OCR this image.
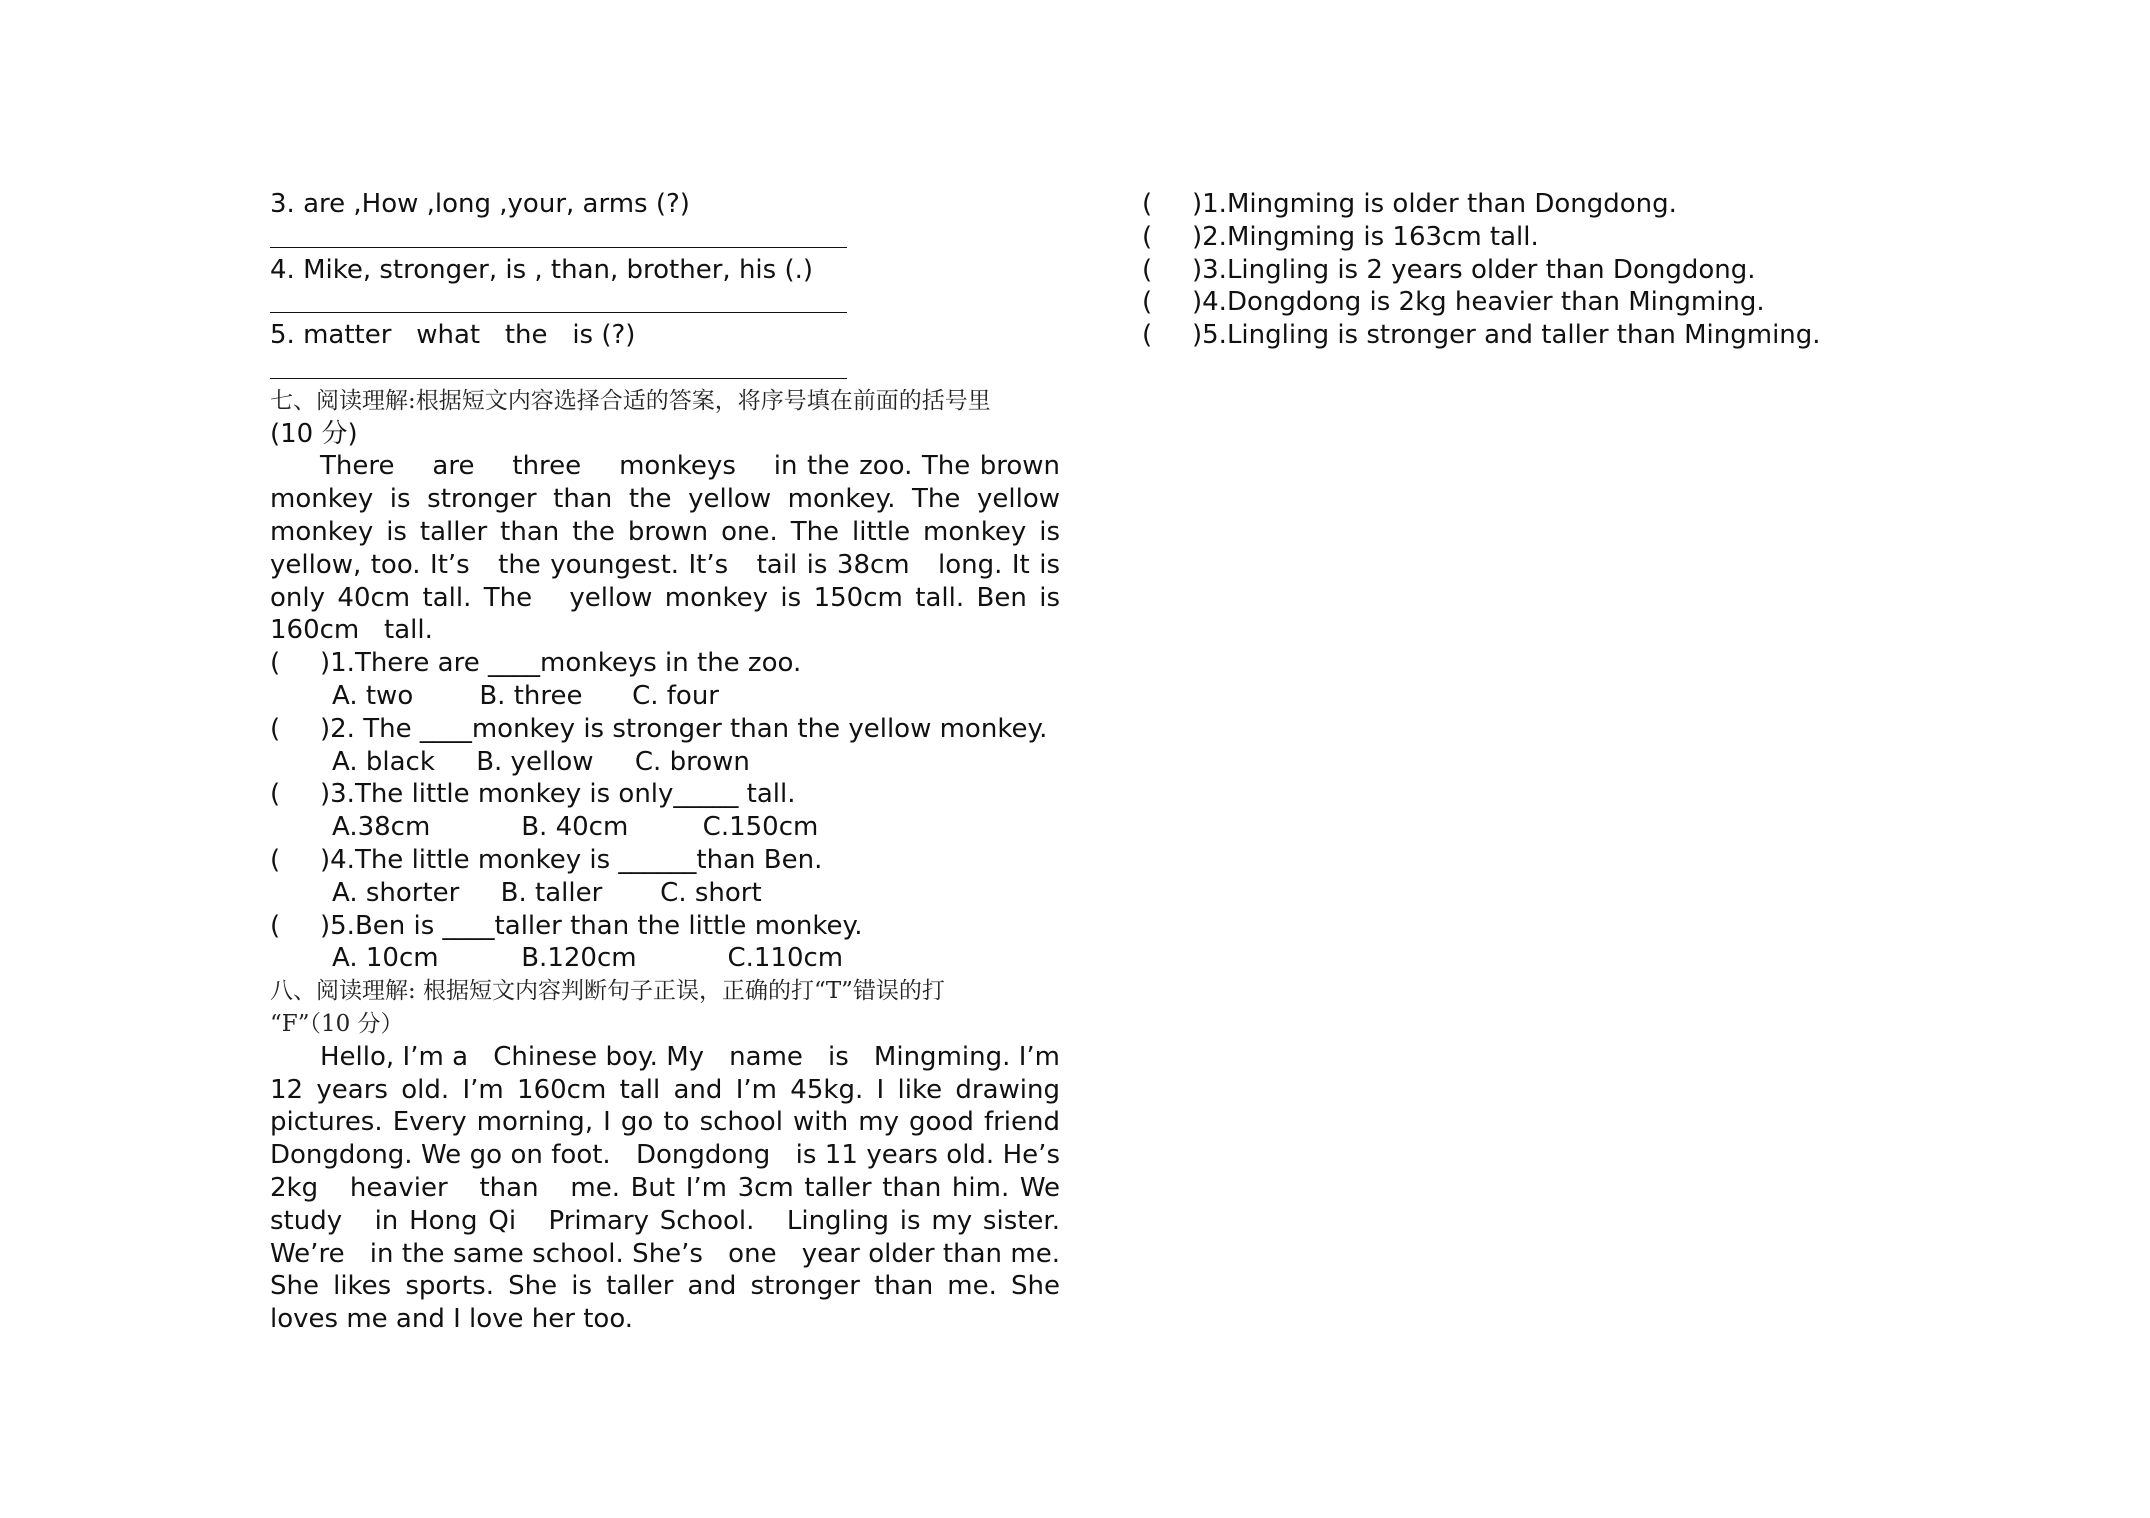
3. are ,How ,long ,your, arms (?)

4. Mike, stronger, is , than, brother, his (.)

5. matter   what   the   is (?)

七、阅读理解:根据短文内容选择合适的答案，将序号填在前面的括号里
(10 分)

There    are    three    monkeys    in the zoo. The brown monkey is stronger than the yellow monkey. The yellow monkey is taller than the brown one. The little monkey is yellow, too. It’s   the youngest. It’s   tail is 38cm   long. It is only 40cm tall. The   yellow monkey is 150cm tall. Ben is 160cm   tall.

( )1.There are ____monkeys in the zoo.
A. two        B. three      C. four
( )2. The ____monkey is stronger than the yellow monkey.
A. black     B. yellow     C. brown
( )3.The little monkey is only_____ tall.
A.38cm           B. 40cm         C.150cm
( )4.The little monkey is ______than Ben.
A. shorter     B. taller       C. short
( )5.Ben is ____taller than the little monkey.
A. 10cm          B.120cm           C.110cm
八、阅读理解: 根据短文内容判断句子正误，正确的打“T”错误的打
“F”（10 分）

Hello, I’m a   Chinese boy. My   name   is   Mingming. I’m 12 years old. I’m 160cm tall and I’m 45kg. I like drawing pictures. Every morning, I go to school with my good friend Dongdong. We go on foot.   Dongdong   is 11 years old. He’s 2kg   heavier   than   me. But I’m 3cm taller than him. We study   in Hong Qi   Primary School.   Lingling is my sister. We’re   in the same school. She’s   one   year older than me. She likes sports. She is taller and stronger than me. She loves me and I love her too.

( )1.Mingming is older than Dongdong.
( )2.Mingming is 163cm tall.
( )3.Lingling is 2 years older than Dongdong.
( )4.Dongdong is 2kg heavier than Mingming.
( )5.Lingling is stronger and taller than Mingming.
